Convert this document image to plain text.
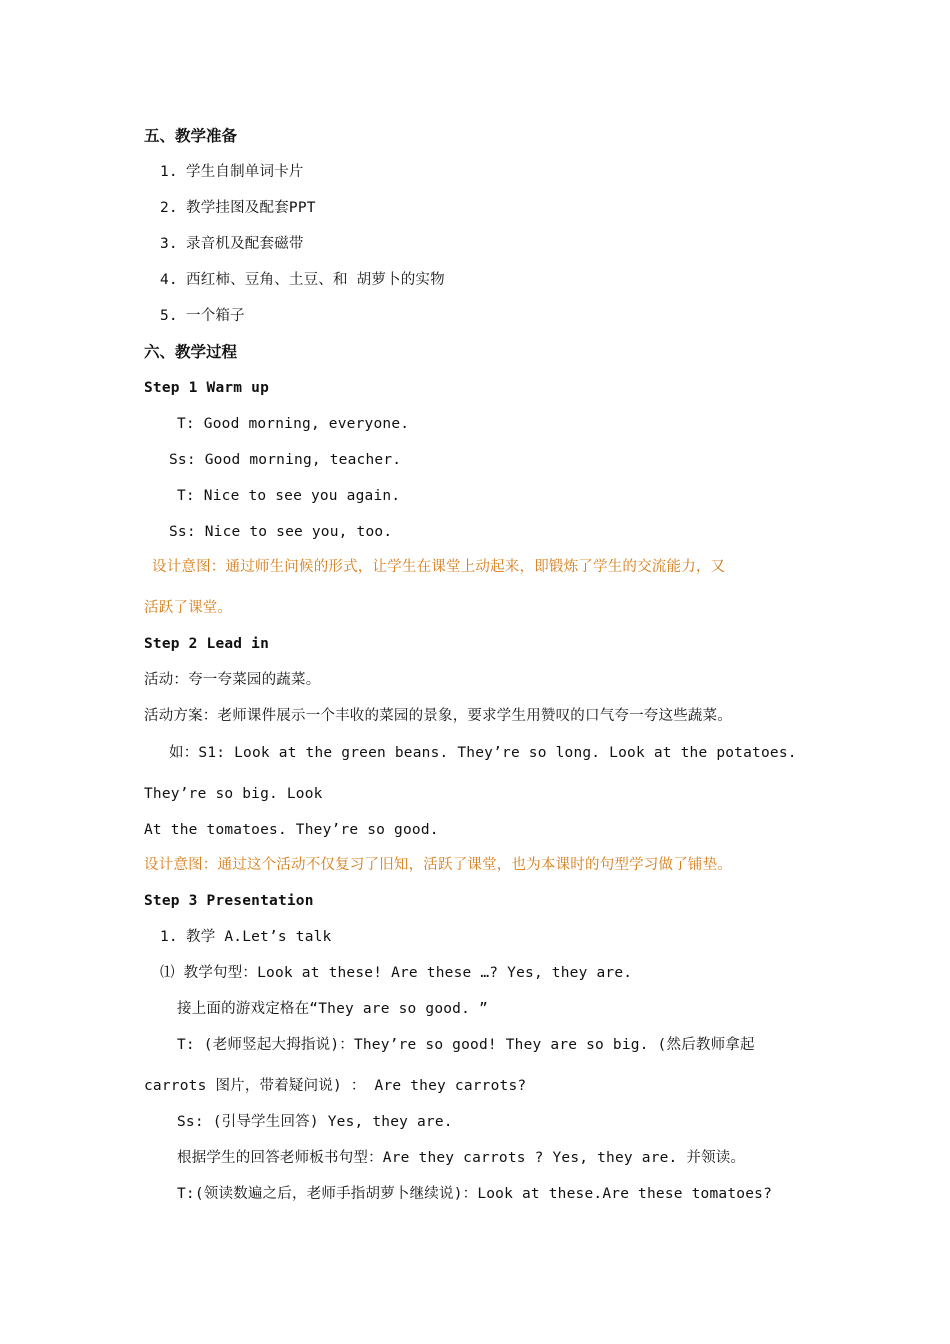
五、教学准备
1. 学生自制单词卡片
2. 教学挂图及配套PPT
3. 录音机及配套磁带
4. 西红柿、豆角、土豆、和 胡萝卜的实物
5. 一个箱子
六、教学过程
Step 1 Warm up
T: Good morning, everyone.
Ss: Good morning, teacher.
T: Nice to see you again.
Ss: Nice to see you, too.
设计意图：通过师生问候的形式，让学生在课堂上动起来，即锻炼了学生的交流能力，又
活跃了课堂。
Step 2 Lead in
活动：夸一夸菜园的蔬菜。
活动方案：老师课件展示一个丰收的菜园的景象，要求学生用赞叹的口气夸一夸这些蔬菜。
如：S1: Look at the green beans. They’re so long. Look at the potatoes.
They’re so big. Look
At the tomatoes. They’re so good.
设计意图：通过这个活动不仅复习了旧知，活跃了课堂，也为本课时的句型学习做了铺垫。
Step 3 Presentation
1. 教学 A.Let’s talk
⑴ 教学句型：Look at these! Are these …? Yes, they are.
接上面的游戏定格在“They are so good. ”
T: (老师竖起大拇指说)：They’re so good! They are so big. (然后教师拿起
carrots 图片，带着疑问说) ： Are they carrots?
Ss: (引导学生回答) Yes, they are.
根据学生的回答老师板书句型：Are they carrots ? Yes, they are. 并领读。
T:(领读数遍之后，老师手指胡萝卜继续说)：Look at these.Are these tomatoes?
